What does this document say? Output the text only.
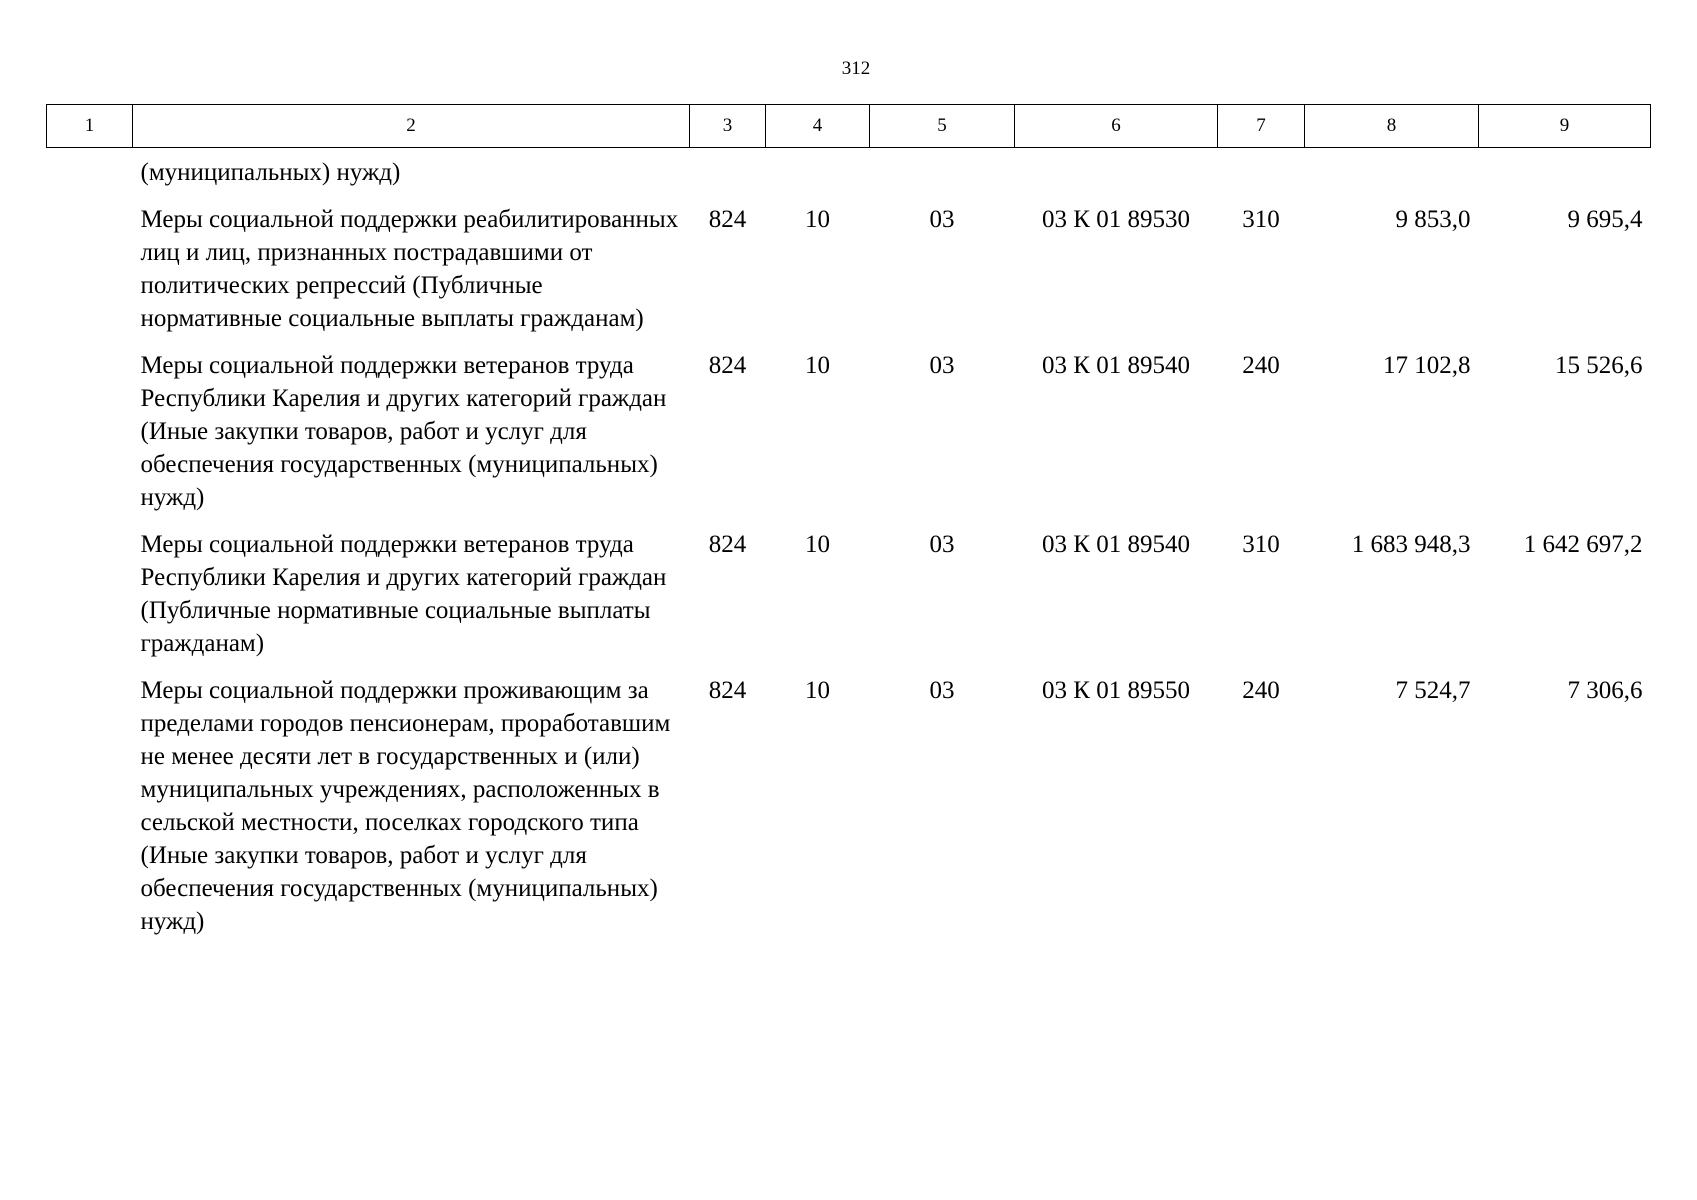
312
1	2	3	4	5	6	7	8	9
	(муниципальных) нужд)							
	Меры социальной поддержки реабилитированных лиц и лиц, признанных пострадавшими от политических репрессий (Публичные нормативные социальные выплаты гражданам)	824	10	03	03 К 01 89530	310	9 853,0	9 695,4
	Меры социальной поддержки ветеранов труда Республики Карелия и других категорий граждан (Иные закупки товаров, работ и услуг для обеспечения государственных (муниципальных) нужд)	824	10	03	03 К 01 89540	240	17 102,8	15 526,6
	Меры социальной поддержки ветеранов труда Республики Карелия и других категорий граждан (Публичные нормативные социальные выплаты гражданам)	824	10	03	03 К 01 89540	310	1 683 948,3	1 642 697,2
	Меры социальной поддержки проживающим за пределами городов пенсионерам, проработавшим не менее десяти лет в государственных и (или) муниципальных учреждениях, расположенных в сельской местности, поселках городского типа (Иные закупки товаров, работ и услуг для обеспечения государственных (муниципальных) нужд)	824	10	03	03 К 01 89550	240	7 524,7	7 306,6
